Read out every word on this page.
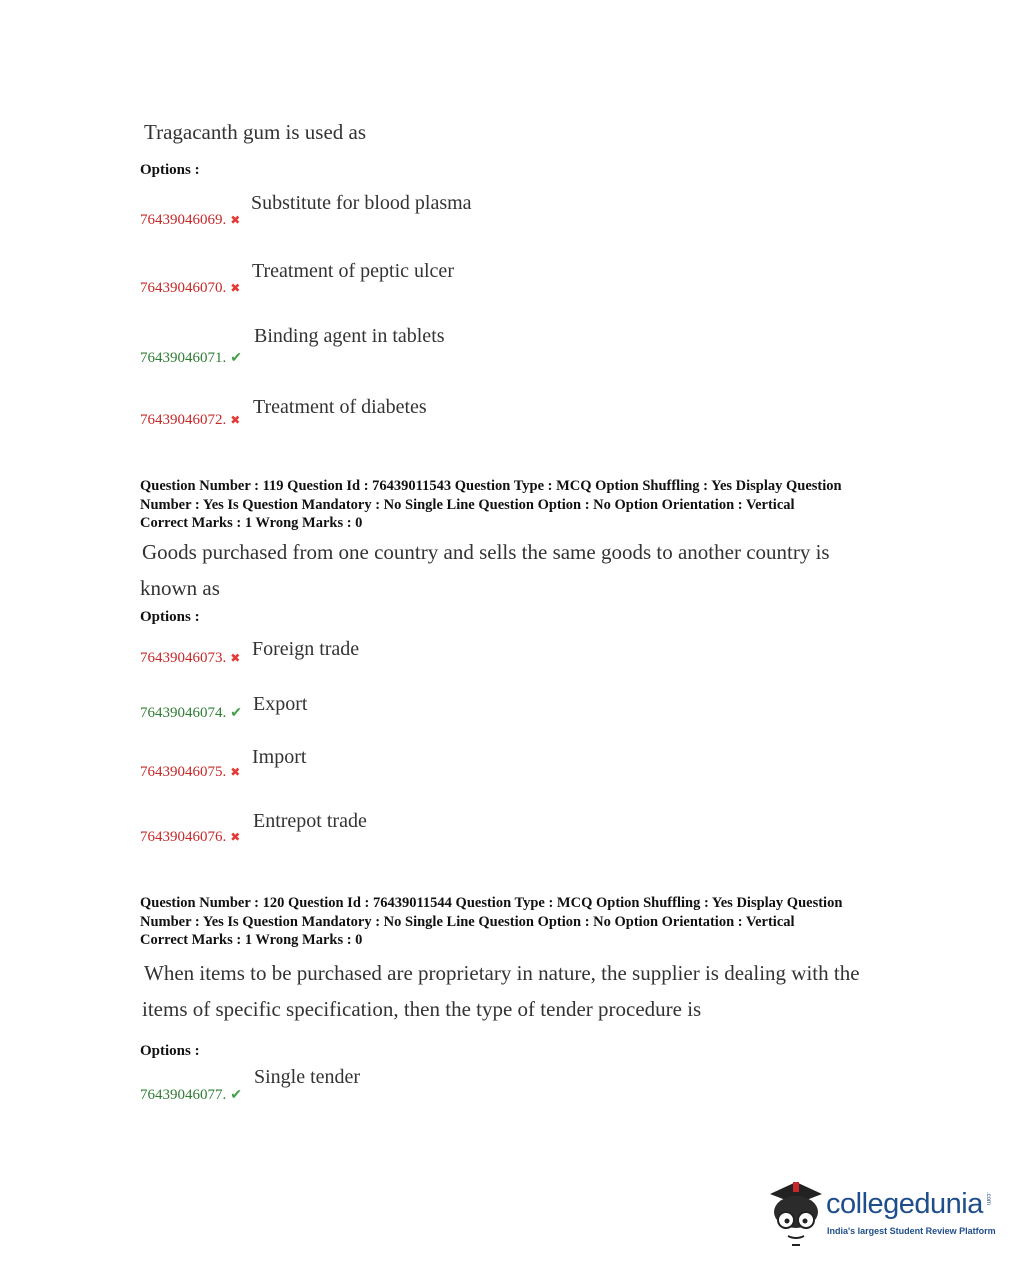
Tragacanth gum is used as
Options :
Substitute for blood plasma
76439046069. ✖
Treatment of peptic ulcer
76439046070. ✖
Binding agent in tablets
76439046071. ✔
Treatment of diabetes
76439046072. ✖
Question Number : 119 Question Id : 76439011543 Question Type : MCQ Option Shuffling : Yes Display Question
Number : Yes Is Question Mandatory : No Single Line Question Option : No Option Orientation : Vertical
Correct Marks : 1 Wrong Marks : 0
Goods purchased from one country and sells the same goods to another country is
known as
Options :
76439046073. ✖ Foreign trade
76439046074. ✔ Export
Import
76439046075. ✖
Entrepot trade
76439046076. ✖
Question Number : 120 Question Id : 76439011544 Question Type : MCQ Option Shuffling : Yes Display Question
Number : Yes Is Question Mandatory : No Single Line Question Option : No Option Orientation : Vertical
Correct Marks : 1 Wrong Marks : 0
When items to be purchased are proprietary in nature, the supplier is dealing with the
items of specific specification, then the type of tender procedure is
Options :
Single tender
76439046077. ✔
collegedunia .com
India's largest Student Review Platform
